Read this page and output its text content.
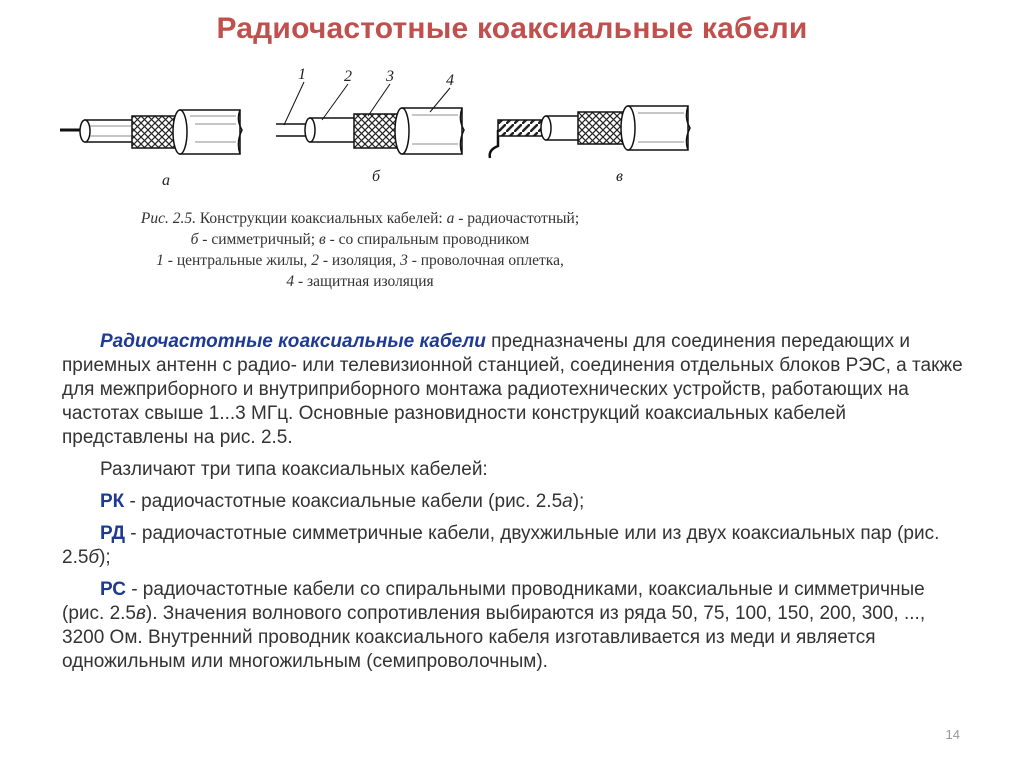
Радиочастотные коаксиальные кабели
1 2 3	4
а	б	в
Рис. 2.5. Конструкции коаксиальных кабелей: а - радиочастотный;
б - симметричный; в - со спиральным проводником
1 - центральные жилы, 2 - изоляция, 3 - проволочная оплетка,
4 - защитная изоляция

Радиочастотные коаксиальные кабели предназначены для соединения передающих и приемных антенн с радио- или телевизионной станцией, соединения отдельных блоков РЭС, а также для межприборного и внутриприборного монтажа радиотехнических устройств, работающих на частотах свыше 1...3 МГц. Основные разновидности конструкций коаксиальных кабелей представлены на рис. 2.5.

Различают три типа коаксиальных кабелей:

РК - радиочастотные коаксиальные кабели (рис. 2.5а);

РД - радиочастотные симметричные кабели, двухжильные или из двух коаксиальных пар (рис. 2.5б);

РС - радиочастотные кабели со спиральными проводниками, коаксиальные и симметричные (рис. 2.5в). Значения волнового сопротивления выбираются из ряда 50, 75, 100, 150, 200, 300, ..., 3200 Ом. Внутренний проводник коаксиального кабеля изготавливается из меди и является одножильным или многожильным (семипроволочным).

14
